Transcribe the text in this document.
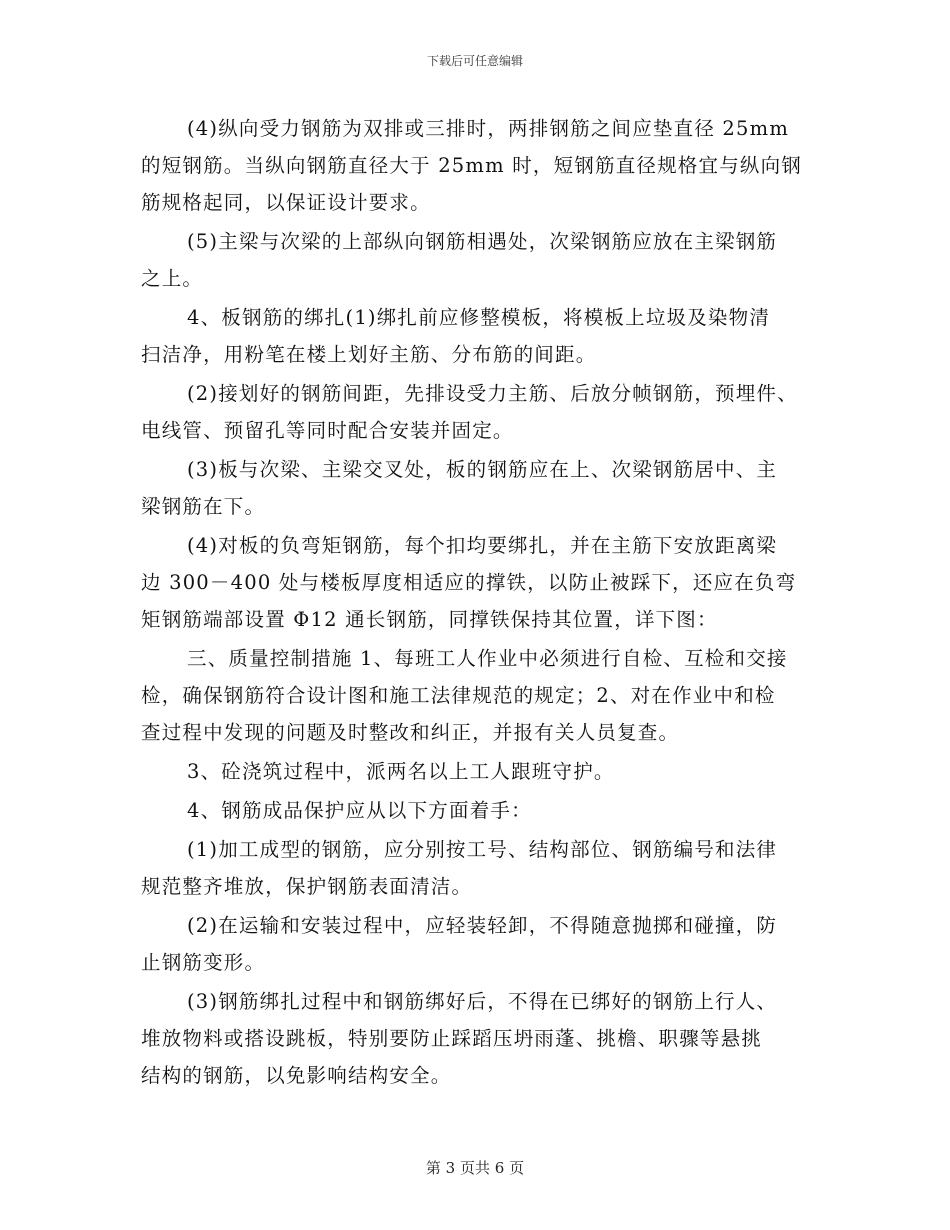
下载后可任意编辑
(4)纵向受力钢筋为双排或三排时，两排钢筋之间应垫直径 25mm
的短钢筋。当纵向钢筋直径大于 25mm 时，短钢筋直径规格宜与纵向钢
筋规格起同，以保证设计要求。
(5)主梁与次梁的上部纵向钢筋相遇处，次梁钢筋应放在主梁钢筋
之上。
4、板钢筋的绑扎(1)绑扎前应修整模板，将模板上垃圾及染物清
扫洁净，用粉笔在楼上划好主筋、分布筋的间距。
(2)接划好的钢筋间距，先排设受力主筋、后放分帧钢筋，预埋件、
电线管、预留孔等同时配合安装并固定。
(3)板与次梁、主梁交叉处，板的钢筋应在上、次梁钢筋居中、主
梁钢筋在下。
(4)对板的负弯矩钢筋，每个扣均要绑扎，并在主筋下安放距离梁
边 300－400 处与楼板厚度相适应的撑铁，以防止被踩下，还应在负弯
矩钢筋端部设置 Φ12 通长钢筋，同撑铁保持其位置，详下图：
三、质量控制措施 1、每班工人作业中必须进行自检、互检和交接
检，确保钢筋符合设计图和施工法律规范的规定；2、对在作业中和检
查过程中发现的问题及时整改和纠正，并报有关人员复查。
3、砼浇筑过程中，派两名以上工人跟班守护。
4、钢筋成品保护应从以下方面着手：
(1)加工成型的钢筋，应分别按工号、结构部位、钢筋编号和法律
规范整齐堆放，保护钢筋表面清洁。
(2)在运输和安装过程中，应轻装轻卸，不得随意抛掷和碰撞，防
止钢筋变形。
(3)钢筋绑扎过程中和钢筋绑好后，不得在已绑好的钢筋上行人、
堆放物料或搭设跳板，特别要防止踩蹈压坍雨蓬、挑檐、职骤等悬挑
结构的钢筋，以免影响结构安全。
第 3 页共 6 页
